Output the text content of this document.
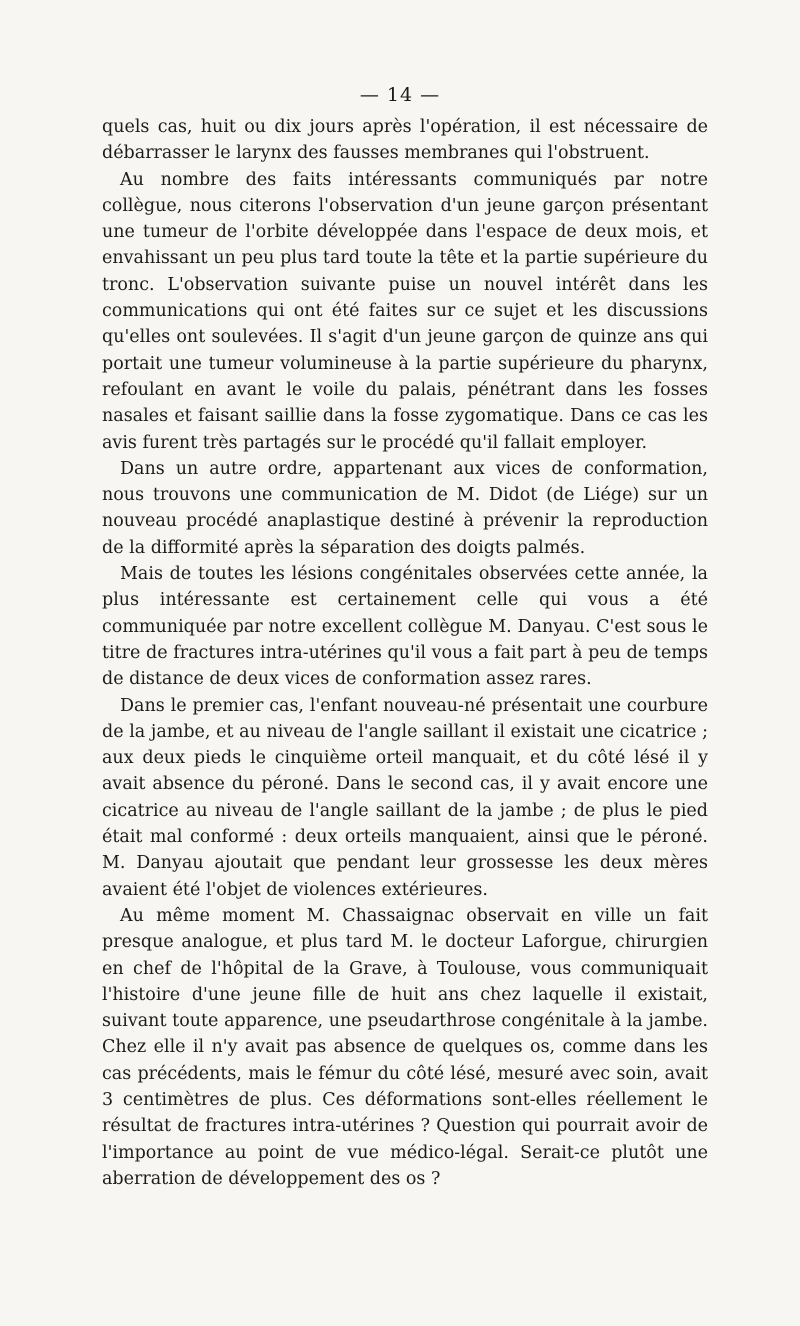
— 14 —

quels cas, huit ou dix jours après l'opération, il est nécessaire de débarrasser le larynx des fausses membranes qui l'obstruent.

Au nombre des faits intéressants communiqués par notre collègue, nous citerons l'observation d'un jeune garçon présentant une tumeur de l'orbite développée dans l'espace de deux mois, et envahissant un peu plus tard toute la tête et la partie supérieure du tronc. L'observation suivante puise un nouvel intérêt dans les communications qui ont été faites sur ce sujet et les discussions qu'elles ont soulevées. Il s'agit d'un jeune garçon de quinze ans qui portait une tumeur volumineuse à la partie supérieure du pharynx, refoulant en avant le voile du palais, pénétrant dans les fosses nasales et faisant saillie dans la fosse zygomatique. Dans ce cas les avis furent très partagés sur le procédé qu'il fallait employer.

Dans un autre ordre, appartenant aux vices de conformation, nous trouvons une communication de M. Didot (de Liége) sur un nouveau procédé anaplastique destiné à prévenir la reproduction de la difformité après la séparation des doigts palmés.

Mais de toutes les lésions congénitales observées cette année, la plus intéressante est certainement celle qui vous a été communiquée par notre excellent collègue M. Danyau. C'est sous le titre de fractures intra-utérines qu'il vous a fait part à peu de temps de distance de deux vices de conformation assez rares.

Dans le premier cas, l'enfant nouveau-né présentait une courbure de la jambe, et au niveau de l'angle saillant il existait une cicatrice ; aux deux pieds le cinquième orteil manquait, et du côté lésé il y avait absence du péroné. Dans le second cas, il y avait encore une cicatrice au niveau de l'angle saillant de la jambe ; de plus le pied était mal conformé : deux orteils manquaient, ainsi que le péroné. M. Danyau ajoutait que pendant leur grossesse les deux mères avaient été l'objet de violences extérieures.

Au même moment M. Chassaignac observait en ville un fait presque analogue, et plus tard M. le docteur Laforgue, chirurgien en chef de l'hôpital de la Grave, à Toulouse, vous communiquait l'histoire d'une jeune fille de huit ans chez laquelle il existait, suivant toute apparence, une pseudarthrose congénitale à la jambe. Chez elle il n'y avait pas absence de quelques os, comme dans les cas précédents, mais le fémur du côté lésé, mesuré avec soin, avait 3 centimètres de plus. Ces déformations sont-elles réellement le résultat de fractures intra-utérines ? Question qui pourrait avoir de l'importance au point de vue médico-légal. Serait-ce plutôt une aberration de développement des os ?
